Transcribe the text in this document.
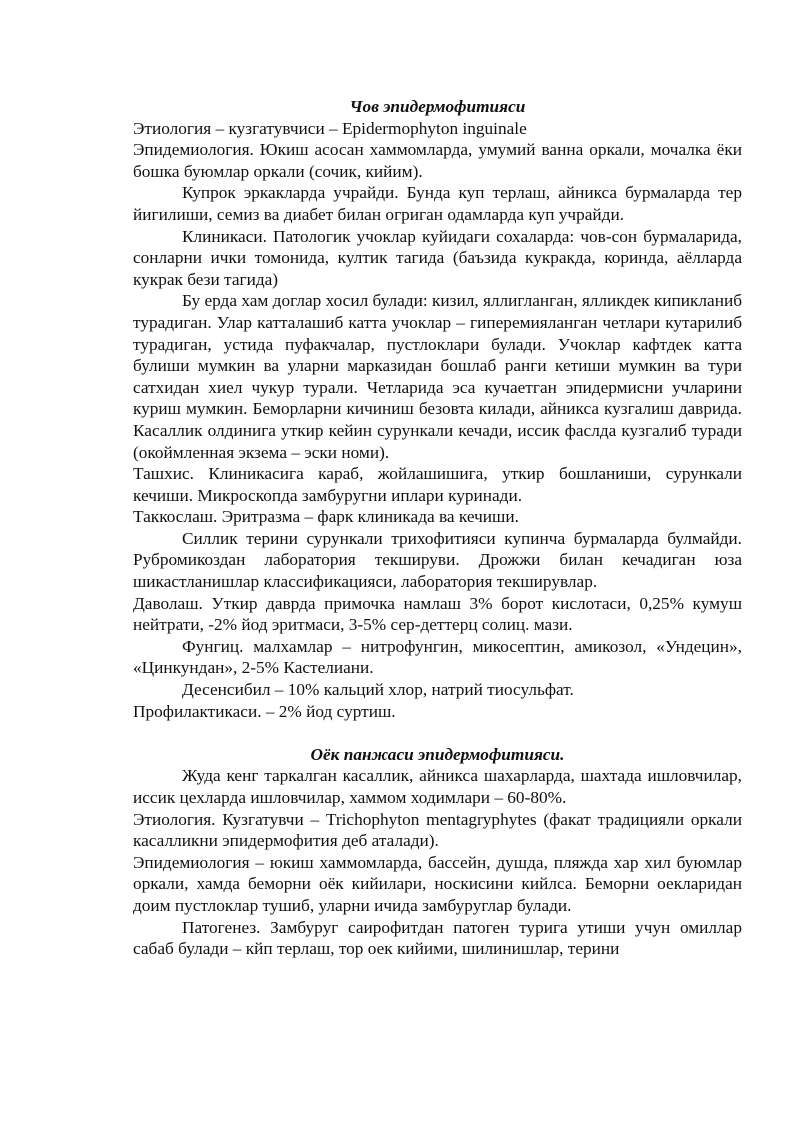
Чов эпидермофитияси

Этиология – кузгатувчиси – Epidermophyton inguinale

Эпидемиология. Юкиш асосан хаммомларда, умумий ванна оркали, мочалка ёки бошка буюмлар оркали (сочик, кийим).

Купрок эркакларда учрайди. Бунда куп терлаш, айникса бурмаларда тер йигилиши, семиз ва диабет билан огриган одамларда куп учрайди.

Клиникаси. Патологик учоклар куйидаги сохаларда: чов-сон бурмаларида, сонларни ички томонида, култик тагида (баъзида кукракда, коринда, аёлларда кукрак бези тагида)

Бу ерда хам доглар хосил булади: кизил, яллигланган, ялликдек кипикланиб турадиган. Улар катталашиб катта учоклар – гиперемияланган четлари кутарилиб турадиган, устида пуфакчалар, пустлоклари булади. Учоклар кафтдек катта булиши мумкин ва уларни марказидан бошлаб ранги кетиши мумкин ва тури сатхидан хиел чукур турали. Четларида эса кучаетган эпидермисни учларини куриш мумкин. Беморларни кичиниш безовта килади, айникса кузгалиш даврида. Касаллик олдинига уткир кейин сурункали кечади, иссик фаслда кузгалиб туради (окоймленная экзема – эски номи).

Ташхис. Клиникасига караб, жойлашишига, уткир бошланиши, сурункали кечиши. Микроскопда замбуругни иплари куринади.

Таккослаш. Эритразма – фарк клиникада ва кечиши.

Силлик терини сурункали трихофитияси купинча бурмаларда булмайди. Рубромикоздан лаборатория текшируви. Дрожжи билан кечадиган юза шикастланишлар классификацияси, лаборатория текширувлар.

Даволаш. Уткир даврда примочка намлаш 3% борот кислотаси, 0,25% кумуш нейтрати, -2% йод эритмаси, 3-5% сер-деттерц солиц. мази.

Фунгиц. малхамлар – нитрофунгин, микосептин, амикозол, «Ундецин», «Цинкундан», 2-5% Кастелиани.

Десенсибил – 10% кальций хлор, натрий тиосульфат.

Профилактикаси. – 2% йод суртиш.

Оёк панжаси эпидермофитияси.

Жуда кенг таркалган касаллик, айникса шахарларда, шахтада ишловчилар, иссик цехларда ишловчилар, хаммом ходимлари – 60-80%.

Этиология. Кузгатувчи – Trichophyton mentagryphytes (факат традицияли оркали касалликни эпидермофития деб аталади).

Эпидемиология – юкиш хаммомларда, бассейн, душда, пляжда хар хил буюмлар оркали, хамда беморни оёк кийилари, носкисини кийлса. Беморни оекларидан доим пустлоклар тушиб, уларни ичида замбуруглар булади.

Патогенез. Замбуруг саирофитдан патоген турига утиши учун омиллар сабаб булади – кйп терлаш, тор оек кийими, шилинишлар, терини
